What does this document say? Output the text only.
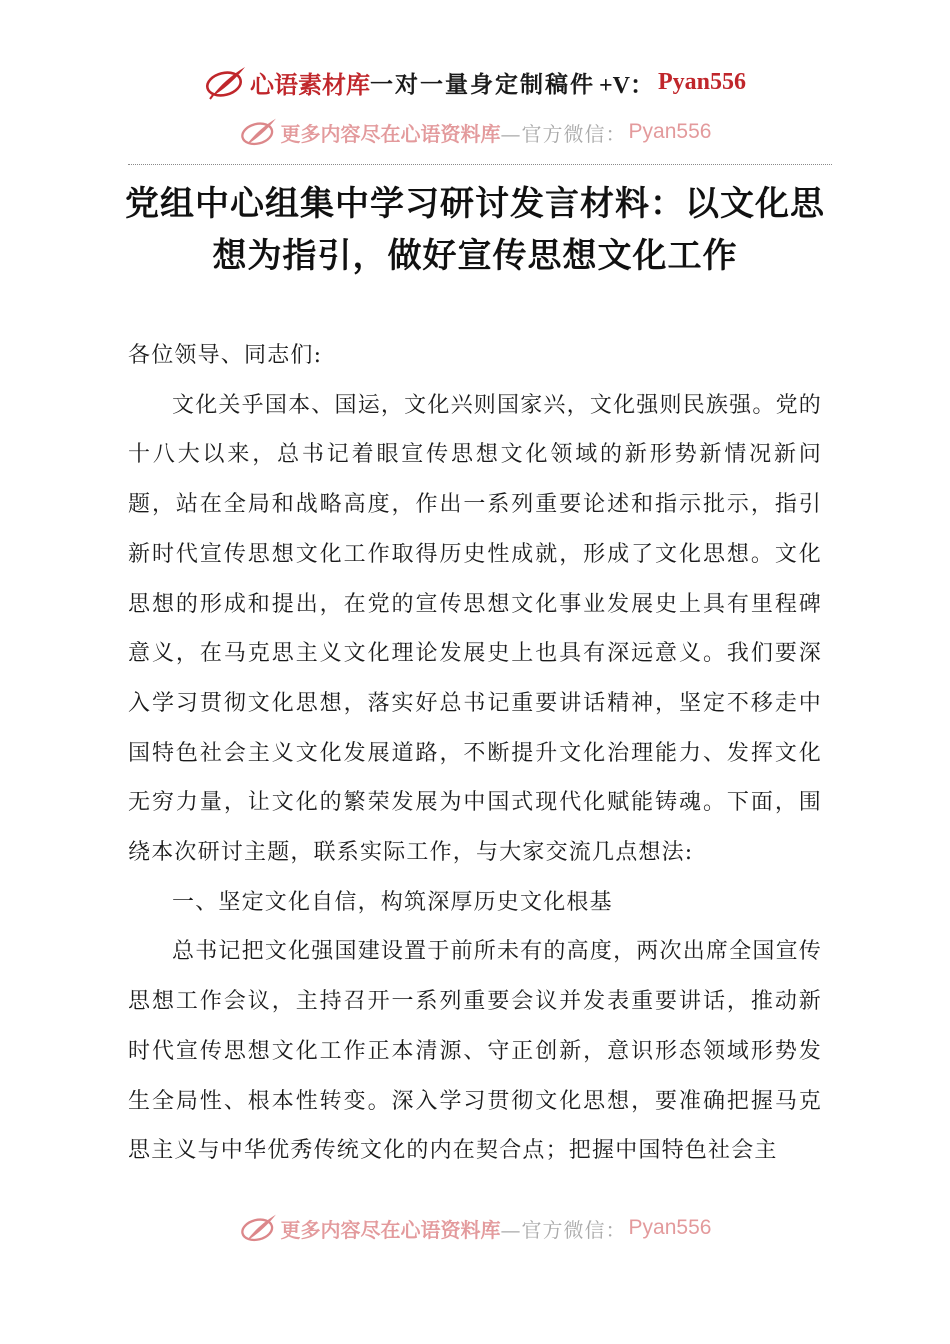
心语素材库 一对一量身定制稿件 +V： Pyan556
更多内容尽在心语资料库 —官方微信： Pyan556
党组中心组集中学习研讨发言材料：以文化思想为指引，做好宣传思想文化工作

各位领导、同志们:

文化关乎国本、国运，文化兴则国家兴，文化强则民族强。党的十八大以来，总书记着眼宣传思想文化领域的新形势新情况新问题，站在全局和战略高度，作出一系列重要论述和指示批示，指引新时代宣传思想文化工作取得历史性成就，形成了文化思想。文化思想的形成和提出，在党的宣传思想文化事业发展史上具有里程碑意义，在马克思主义文化理论发展史上也具有深远意义。我们要深入学习贯彻文化思想，落实好总书记重要讲话精神，坚定不移走中国特色社会主义文化发展道路，不断提升文化治理能力、发挥文化无穷力量，让文化的繁荣发展为中国式现代化赋能铸魂。下面，围绕本次研讨主题，联系实际工作，与大家交流几点想法:

一、坚定文化自信，构筑深厚历史文化根基

总书记把文化强国建设置于前所未有的高度，两次出席全国宣传思想工作会议，主持召开一系列重要会议并发表重要讲话，推动新时代宣传思想文化工作正本清源、守正创新，意识形态领域形势发生全局性、根本性转变。深入学习贯彻文化思想，要准确把握马克思主义与中华优秀传统文化的内在契合点；把握中国特色社会主

更多内容尽在心语资料库 —官方微信： Pyan556
